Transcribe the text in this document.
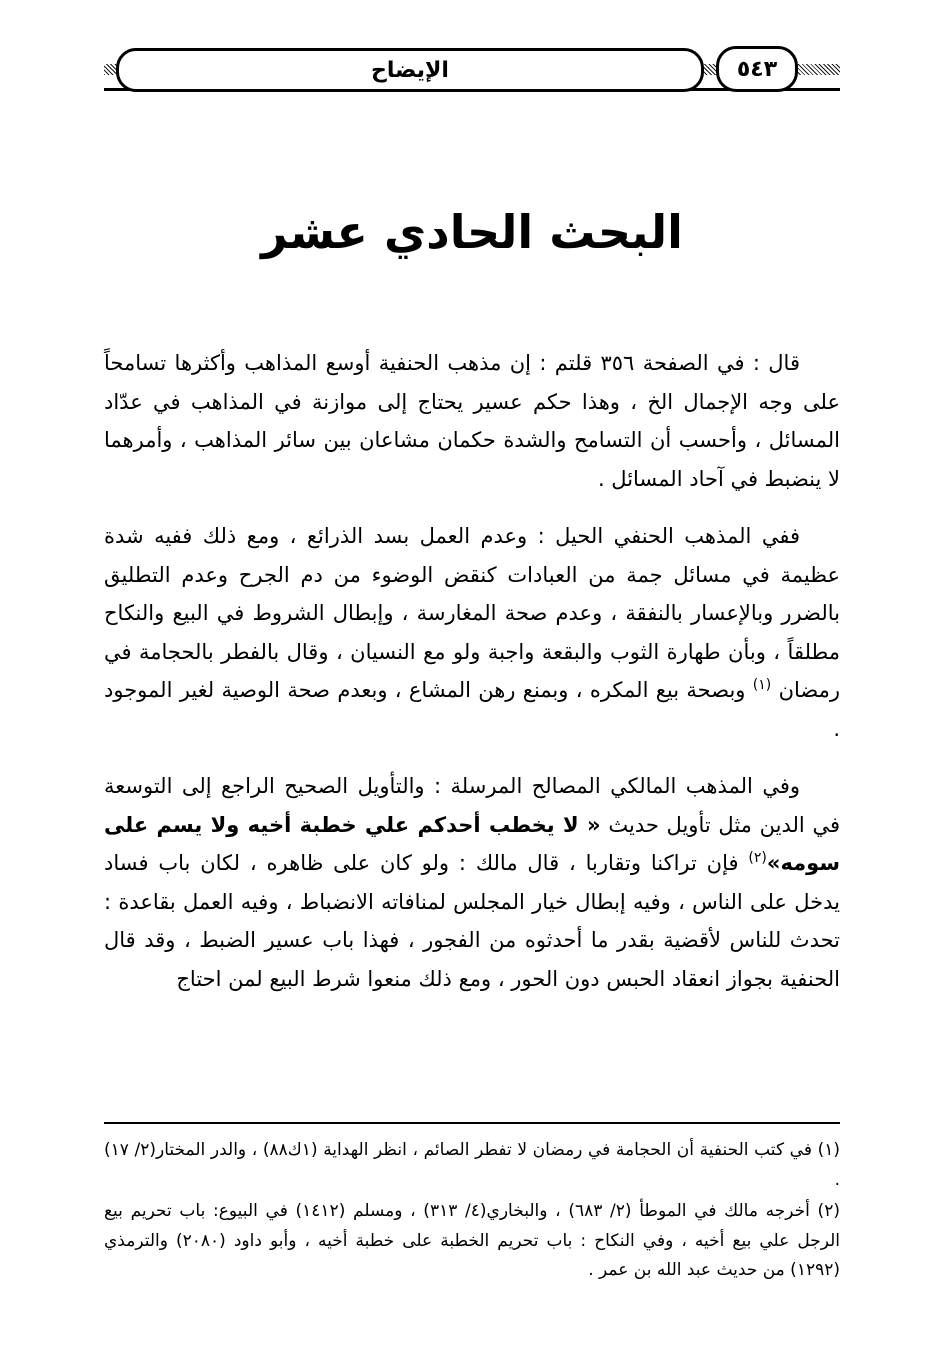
الإيضاح	٥٤٣
البحث الحادي عشر

قال : في الصفحة ٣٥٦ قلتم : إن مذهب الحنفية أوسع المذاهب وأكثرها تسامحاً على وجه الإجمال الخ ، وهذا حكم عسير يحتاج إلى موازنة في المذاهب في عدّاد المسائل ، وأحسب أن التسامح والشدة حكمان مشاعان بين سائر المذاهب ، وأمرهما لا ينضبط في آحاد المسائل .

ففي المذهب الحنفي الحيل : وعدم العمل بسد الذرائع ، ومع ذلك ففيه شدة عظيمة في مسائل جمة من العبادات كنقض الوضوء من دم الجرح وعدم التطليق بالضرر وبالإعسار بالنفقة ، وعدم صحة المغارسة ، وإبطال الشروط في البيع والنكاح مطلقاً ، وبأن طهارة الثوب والبقعة واجبة ولو مع النسيان ، وقال بالفطر بالحجامة في رمضان $^{(١)}$ وبصحة بيع المكره ، وبمنع رهن المشاع ، وبعدم صحة الوصية لغير الموجود .

وفي المذهب المالكي المصالح المرسلة : والتأويل الصحيح الراجع إلى التوسعة في الدين مثل تأويل حديث « لا يخطب أحدكم علي خطبة أخيه ولا يسم على سومه»$^{(٢)}$ فإن تراكنا وتقاربا ، قال مالك : ولو كان على ظاهره ، لكان باب فساد يدخل على الناس ، وفيه إبطال خيار المجلس لمنافاته الانضباط ، وفيه العمل بقاعدة : تحدث للناس لأقضية بقدر ما أحدثوه من الفجور ، فهذا باب عسير الضبط ، وقد قال الحنفية بجواز انعقاد الحبس دون الحور ، ومع ذلك منعوا شرط البيع لمن احتاج

(١) في كتب الحنفية أن الحجامة في رمضان لا تفطر الصائم ، انظر الهداية (١ك٨٨) ، والدر المختار(٢/ ١٧) .

(٢) أخرجه مالك في الموطأ (٢/ ٦٨٣) ، والبخاري(٤/ ٣١٣) ، ومسلم (١٤١٢) في البيوع: باب تحريم بيع الرجل علي بيع أخيه ، وفي النكاح : باب تحريم الخطبة على خطبة أخيه ، وأبو داود (٢٠٨٠) والترمذي (١٢٩٢) من حديث عبد الله بن عمر .
